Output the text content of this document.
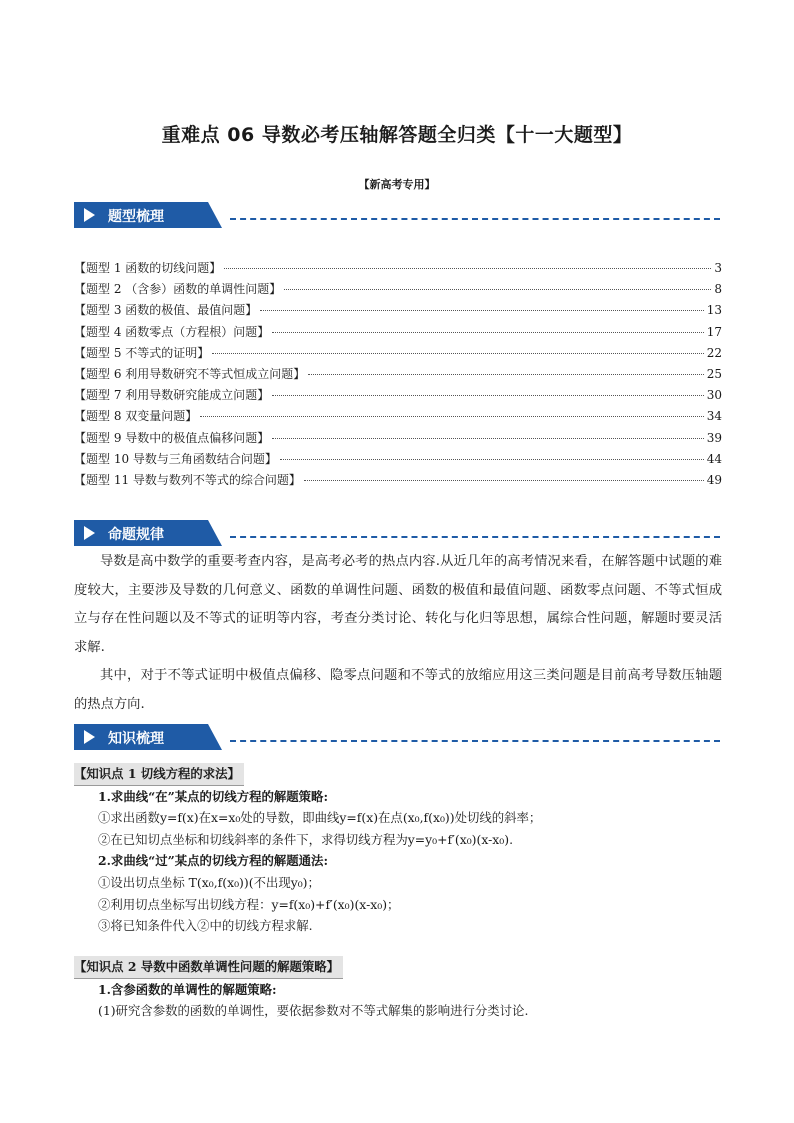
重难点 06 导数必考压轴解答题全归类【十一大题型】
【新高考专用】
题型梳理
【题型 1 函数的切线问题】	3
【题型 2 （含参）函数的单调性问题】	8
【题型 3 函数的极值、最值问题】	13
【题型 4 函数零点（方程根）问题】	17
【题型 5 不等式的证明】	22
【题型 6 利用导数研究不等式恒成立问题】	25
【题型 7 利用导数研究能成立问题】	30
【题型 8 双变量问题】	34
【题型 9 导数中的极值点偏移问题】	39
【题型 10 导数与三角函数结合问题】	44
【题型 11 导数与数列不等式的综合问题】	49
命题规律

导数是高中数学的重要考查内容，是高考必考的热点内容.从近几年的高考情况来看，在解答题中试题的难度较大，主要涉及导数的几何意义、函数的单调性问题、函数的极值和最值问题、函数零点问题、不等式恒成立与存在性问题以及不等式的证明等内容，考查分类讨论、转化与化归等思想，属综合性问题，解题时要灵活求解.

其中，对于不等式证明中极值点偏移、隐零点问题和不等式的放缩应用这三类问题是目前高考导数压轴题的热点方向.

知识梳理
【知识点 1 切线方程的求法】
1.求曲线“在”某点的切线方程的解题策略:
①求出函数y=f(x)在x=x₀处的导数，即曲线y=f(x)在点(x₀,f(x₀))处切线的斜率；
②在已知切点坐标和切线斜率的条件下，求得切线方程为y=y₀+f′(x₀)(x-x₀).
2.求曲线“过”某点的切线方程的解题通法:
①设出切点坐标 T(x₀,f(x₀))(不出现y₀)；
②利用切点坐标写出切线方程：y=f(x₀)+f′(x₀)(x-x₀)；
③将已知条件代入②中的切线方程求解.
【知识点 2 导数中函数单调性问题的解题策略】
1.含参函数的单调性的解题策略:
(1)研究含参数的函数的单调性，要依据参数对不等式解集的影响进行分类讨论.
